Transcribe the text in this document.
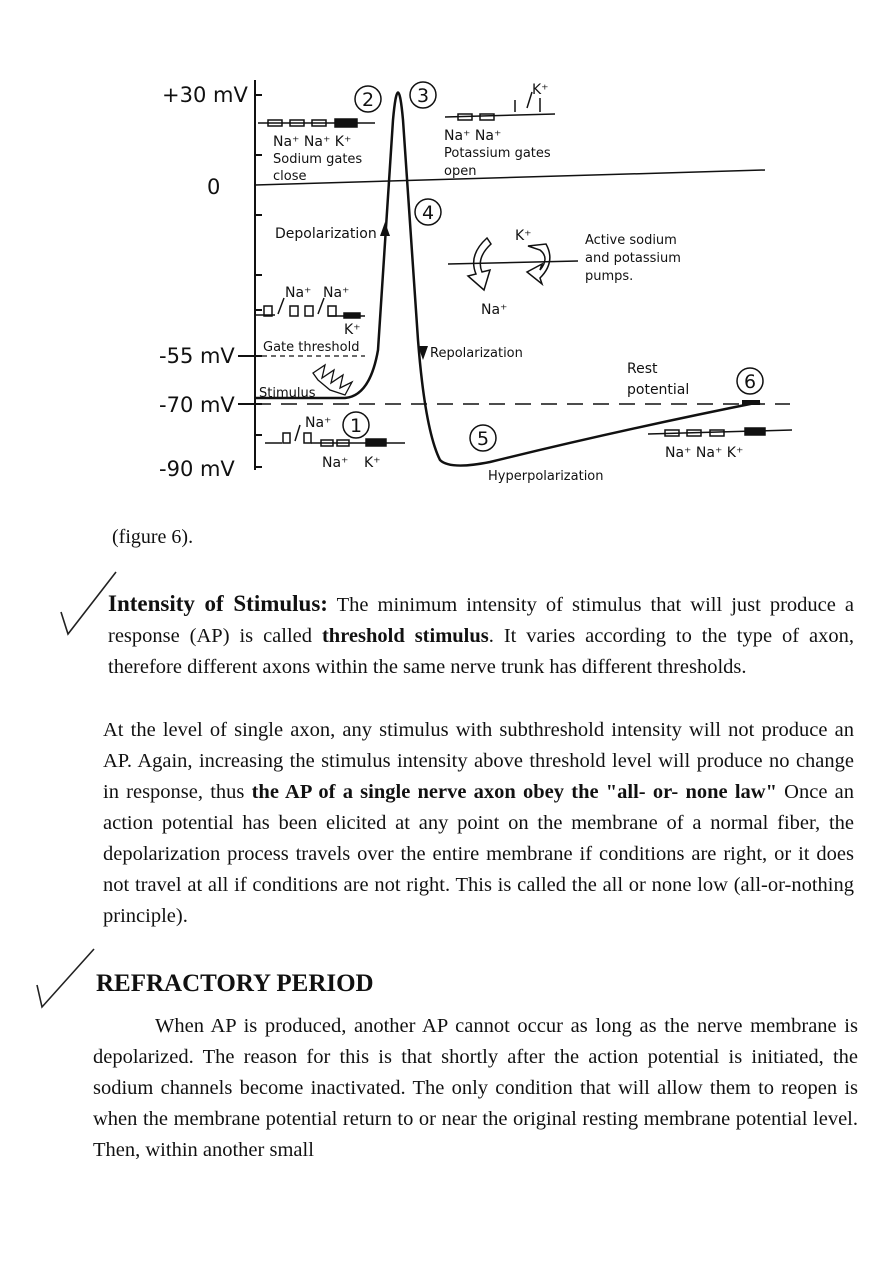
+30 mV
0
-55 mV
-70 mV
-90 mV
Na⁺ Na⁺ K⁺
Sodium gates
close
K⁺
Na⁺ Na⁺
Potassium gates
open
2 3
4
1
5
6
Depolarization
Na⁺ Na⁺
K⁺
Gate threshold
Stimulus
Na⁺
Na⁺ K⁺
Repolarization
Hyperpolarization
Rest
potential
Na⁺ Na⁺ K⁺
K⁺
Na⁺
Active sodium
and potassium
pumps.
(figure 6).

Intensity of Stimulus: The minimum intensity of stimulus that will just produce a response (AP) is called threshold stimulus. It varies according to the type of axon, therefore different axons within the same nerve trunk has different thresholds.

At the level of single axon, any stimulus with subthreshold intensity will not produce an AP. Again, increasing the stimulus intensity above threshold level will produce no change in response, thus the AP of a single nerve axon obey the "all- or- none law" Once an action potential has been elicited at any point on the membrane of a normal fiber, the depolarization process travels over the entire membrane if conditions are right, or it does not travel at all if conditions are not right. This is called the all or none low (all-or-nothing principle).

REFRACTORY PERIOD

When AP is produced, another AP cannot occur as long as the nerve membrane is depolarized. The reason for this is that shortly after the action potential is initiated, the sodium channels become inactivated. The only condition that will allow them to reopen is when the membrane potential return to or near the original resting membrane potential level. Then, within another small
